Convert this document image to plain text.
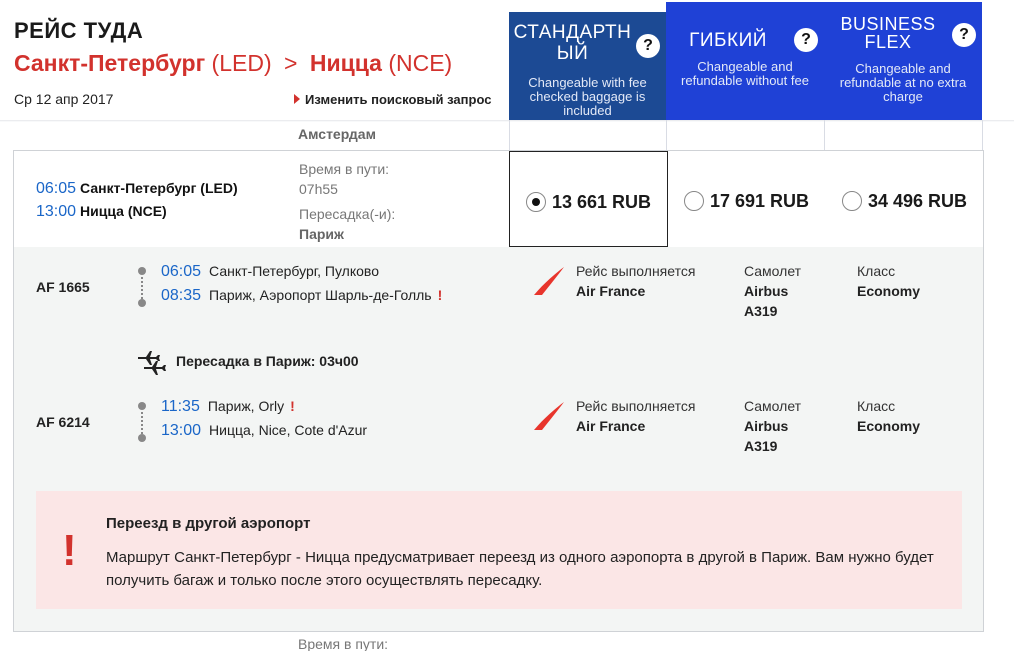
Амстердам
РЕЙС ТУДА
Санкт-Петербург (LED) > Ницца (NCE)
Ср 12 апр 2017	Изменить поисковый запрос
СТАНДАРТН
ЫЙ	?
Changeable with fee checked baggage is included
ГИБКИЙ	?
Changeable and refundable without fee
BUSINESS
FLEX	?
Changeable and refundable at no extra charge
06:05 Санкт-Петербург (LED)
13:00 Ницца (NCE)
Время в пути:
07h55
Пересадка(-и):
Париж
13 661 RUB	17 691 RUB	34 496 RUB
AF 1665
06:05 Санкт-Петербург, Пулково
08:35 Париж, Аэропорт Шарль-де-Голль !
Рейс выполняется
Air France
Самолет
Airbus
A319
Класс
Economy
Пересадка в Париж: 03ч00
AF 6214
11:35 Париж, Orly !
13:00 Ницца, Nice, Cote d'Azur
Рейс выполняется
Air France
Самолет
Airbus
A319
Класс
Economy
!
Переезд в другой аэропорт
Маршрут Санкт-Петербург - Ницца предусматривает переезд из одного аэропорта в другой в Париж. Вам нужно будет получить багаж и только после этого осуществлять пересадку.
Время в пути:
